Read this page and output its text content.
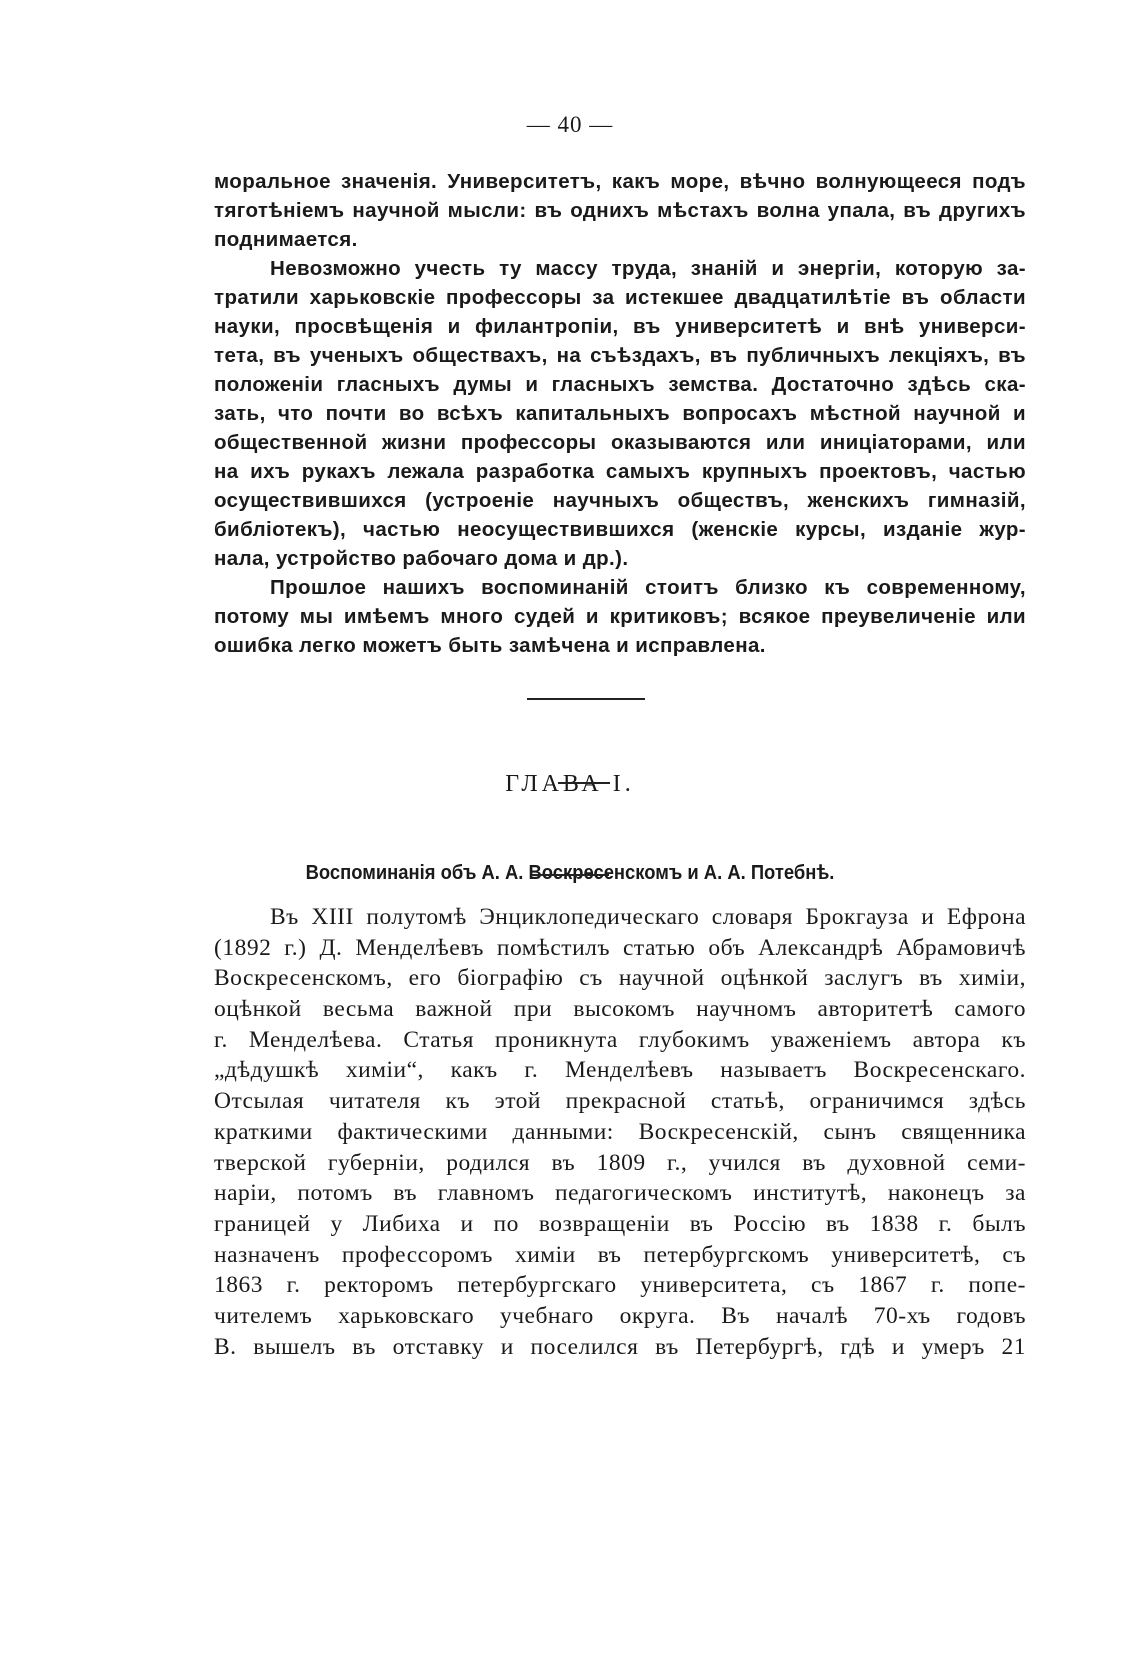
— 40 —
моральное значенія. Университетъ, какъ море, вѣчно волнующееся подъ
тяготѣніемъ научной мысли: въ однихъ мѣстахъ волна упала, въ другихъ
поднимается.
Невозможно учесть ту массу труда, знаній и энергіи, которую за-
тратили харьковскіе профессоры за истекшее двадцатилѣтіе въ области
науки, просвѣщенія и филантропіи, въ университетѣ и внѣ универси-
тета, въ ученыхъ обществахъ, на съѣздахъ, въ публичныхъ лекціяхъ, въ
положеніи гласныхъ думы и гласныхъ земства. Достаточно здѣсь ска-
зать, что почти во всѣхъ капитальныхъ вопросахъ мѣстной научной и
общественной жизни профессоры оказываются или иниціаторами, или
на ихъ рукахъ лежала разработка самыхъ крупныхъ проектовъ, частью
осуществившихся (устроеніе научныхъ обществъ, женскихъ гимназій,
библіотекъ), частью неосуществившихся (женскіе курсы, изданіе жур-
нала, устройство рабочаго дома и др.).
Прошлое нашихъ воспоминаній стоитъ близко къ современному,
потому мы имѣемъ много судей и критиковъ; всякое преувеличеніе или
ошибка легко можетъ быть замѣчена и исправлена.
ГЛАВА I.
Воспоминанія объ А. А. Воскресенскомъ и А. А. Потебнѣ.
Въ XIII полутомѣ Энциклопедическаго словаря Брокгауза и Ефрона
(1892 г.) Д. Менделѣевъ помѣстилъ статью объ Александрѣ Абрамовичѣ
Воскресенскомъ, его біографію съ научной оцѣнкой заслугъ въ химіи,
оцѣнкой весьма важной при высокомъ научномъ авторитетѣ самого
г. Менделѣева. Статья проникнута глубокимъ уваженіемъ автора къ
„дѣдушкѣ химіи“, какъ г. Менделѣевъ называетъ Воскресенскаго.
Отсылая читателя къ этой прекрасной статьѣ, ограничимся здѣсь
краткими фактическими данными: Воскресенскій, сынъ священника
тверской губерніи, родился въ 1809 г., учился въ духовной семи-
наріи, потомъ въ главномъ педагогическомъ институтѣ, наконецъ за
границей у Либиха и по возвращеніи въ Россію въ 1838 г. былъ
назначенъ профессоромъ химіи въ петербургскомъ университетѣ, съ
1863 г. ректоромъ петербургскаго университета, съ 1867 г. попе-
чителемъ харьковскаго учебнаго округа. Въ началѣ 70-хъ годовъ
В. вышелъ въ отставку и поселился въ Петербургѣ, гдѣ и умеръ 21
